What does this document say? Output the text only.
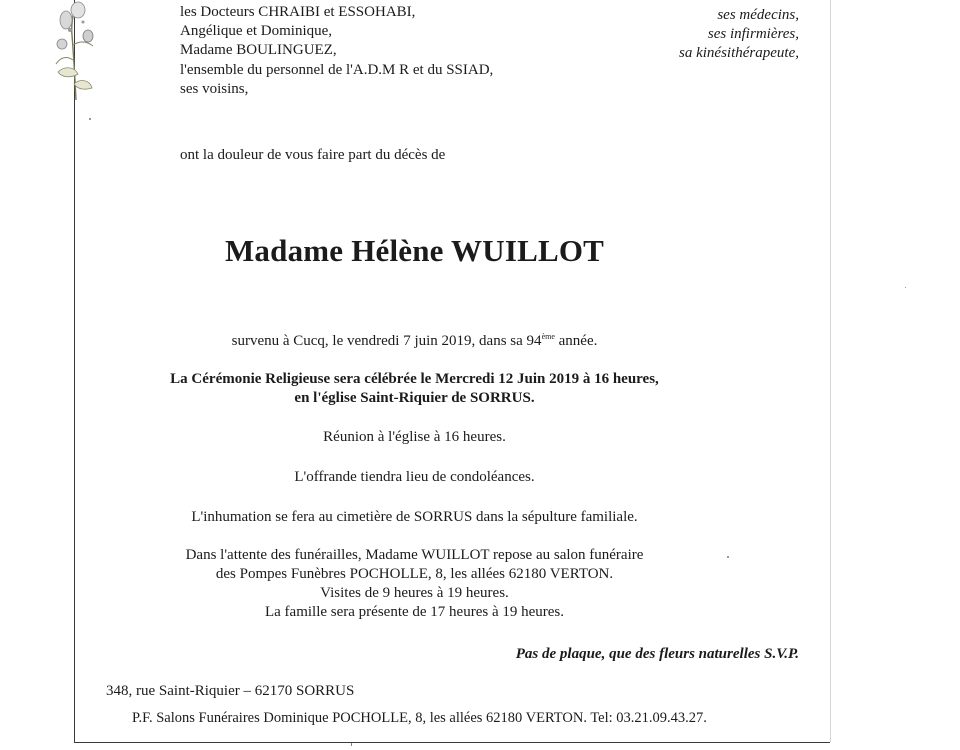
les Docteurs CHRAIBI et ESSOHABI,
Angélique et Dominique,
Madame BOULINGUEZ,
l'ensemble du personnel de l'A.D.M R et du SSIAD,
ses voisins,
ses médecins,
ses infirmières,
sa kinésithérapeute,
ont la douleur de vous faire part du décès de
Madame Hélène WUILLOT
survenu à Cucq, le vendredi 7 juin 2019, dans sa 94ème année.
La Cérémonie Religieuse sera célébrée le Mercredi 12 Juin 2019 à 16 heures,
en l'église Saint-Riquier de SORRUS.
Réunion à l'église à 16 heures.
L'offrande tiendra lieu de condoléances.
L'inhumation se fera au cimetière de SORRUS dans la sépulture familiale.
Dans l'attente des funérailles, Madame WUILLOT repose au salon funéraire
des Pompes Funèbres POCHOLLE, 8, les allées 62180 VERTON.
Visites de 9 heures à 19 heures.
La famille sera présente de 17 heures à 19 heures.
Pas de plaque, que des fleurs naturelles S.V.P.
348, rue Saint-Riquier – 62170 SORRUS
P.F. Salons Funéraires Dominique POCHOLLE, 8, les allées 62180 VERTON. Tel: 03.21.09.43.27.
